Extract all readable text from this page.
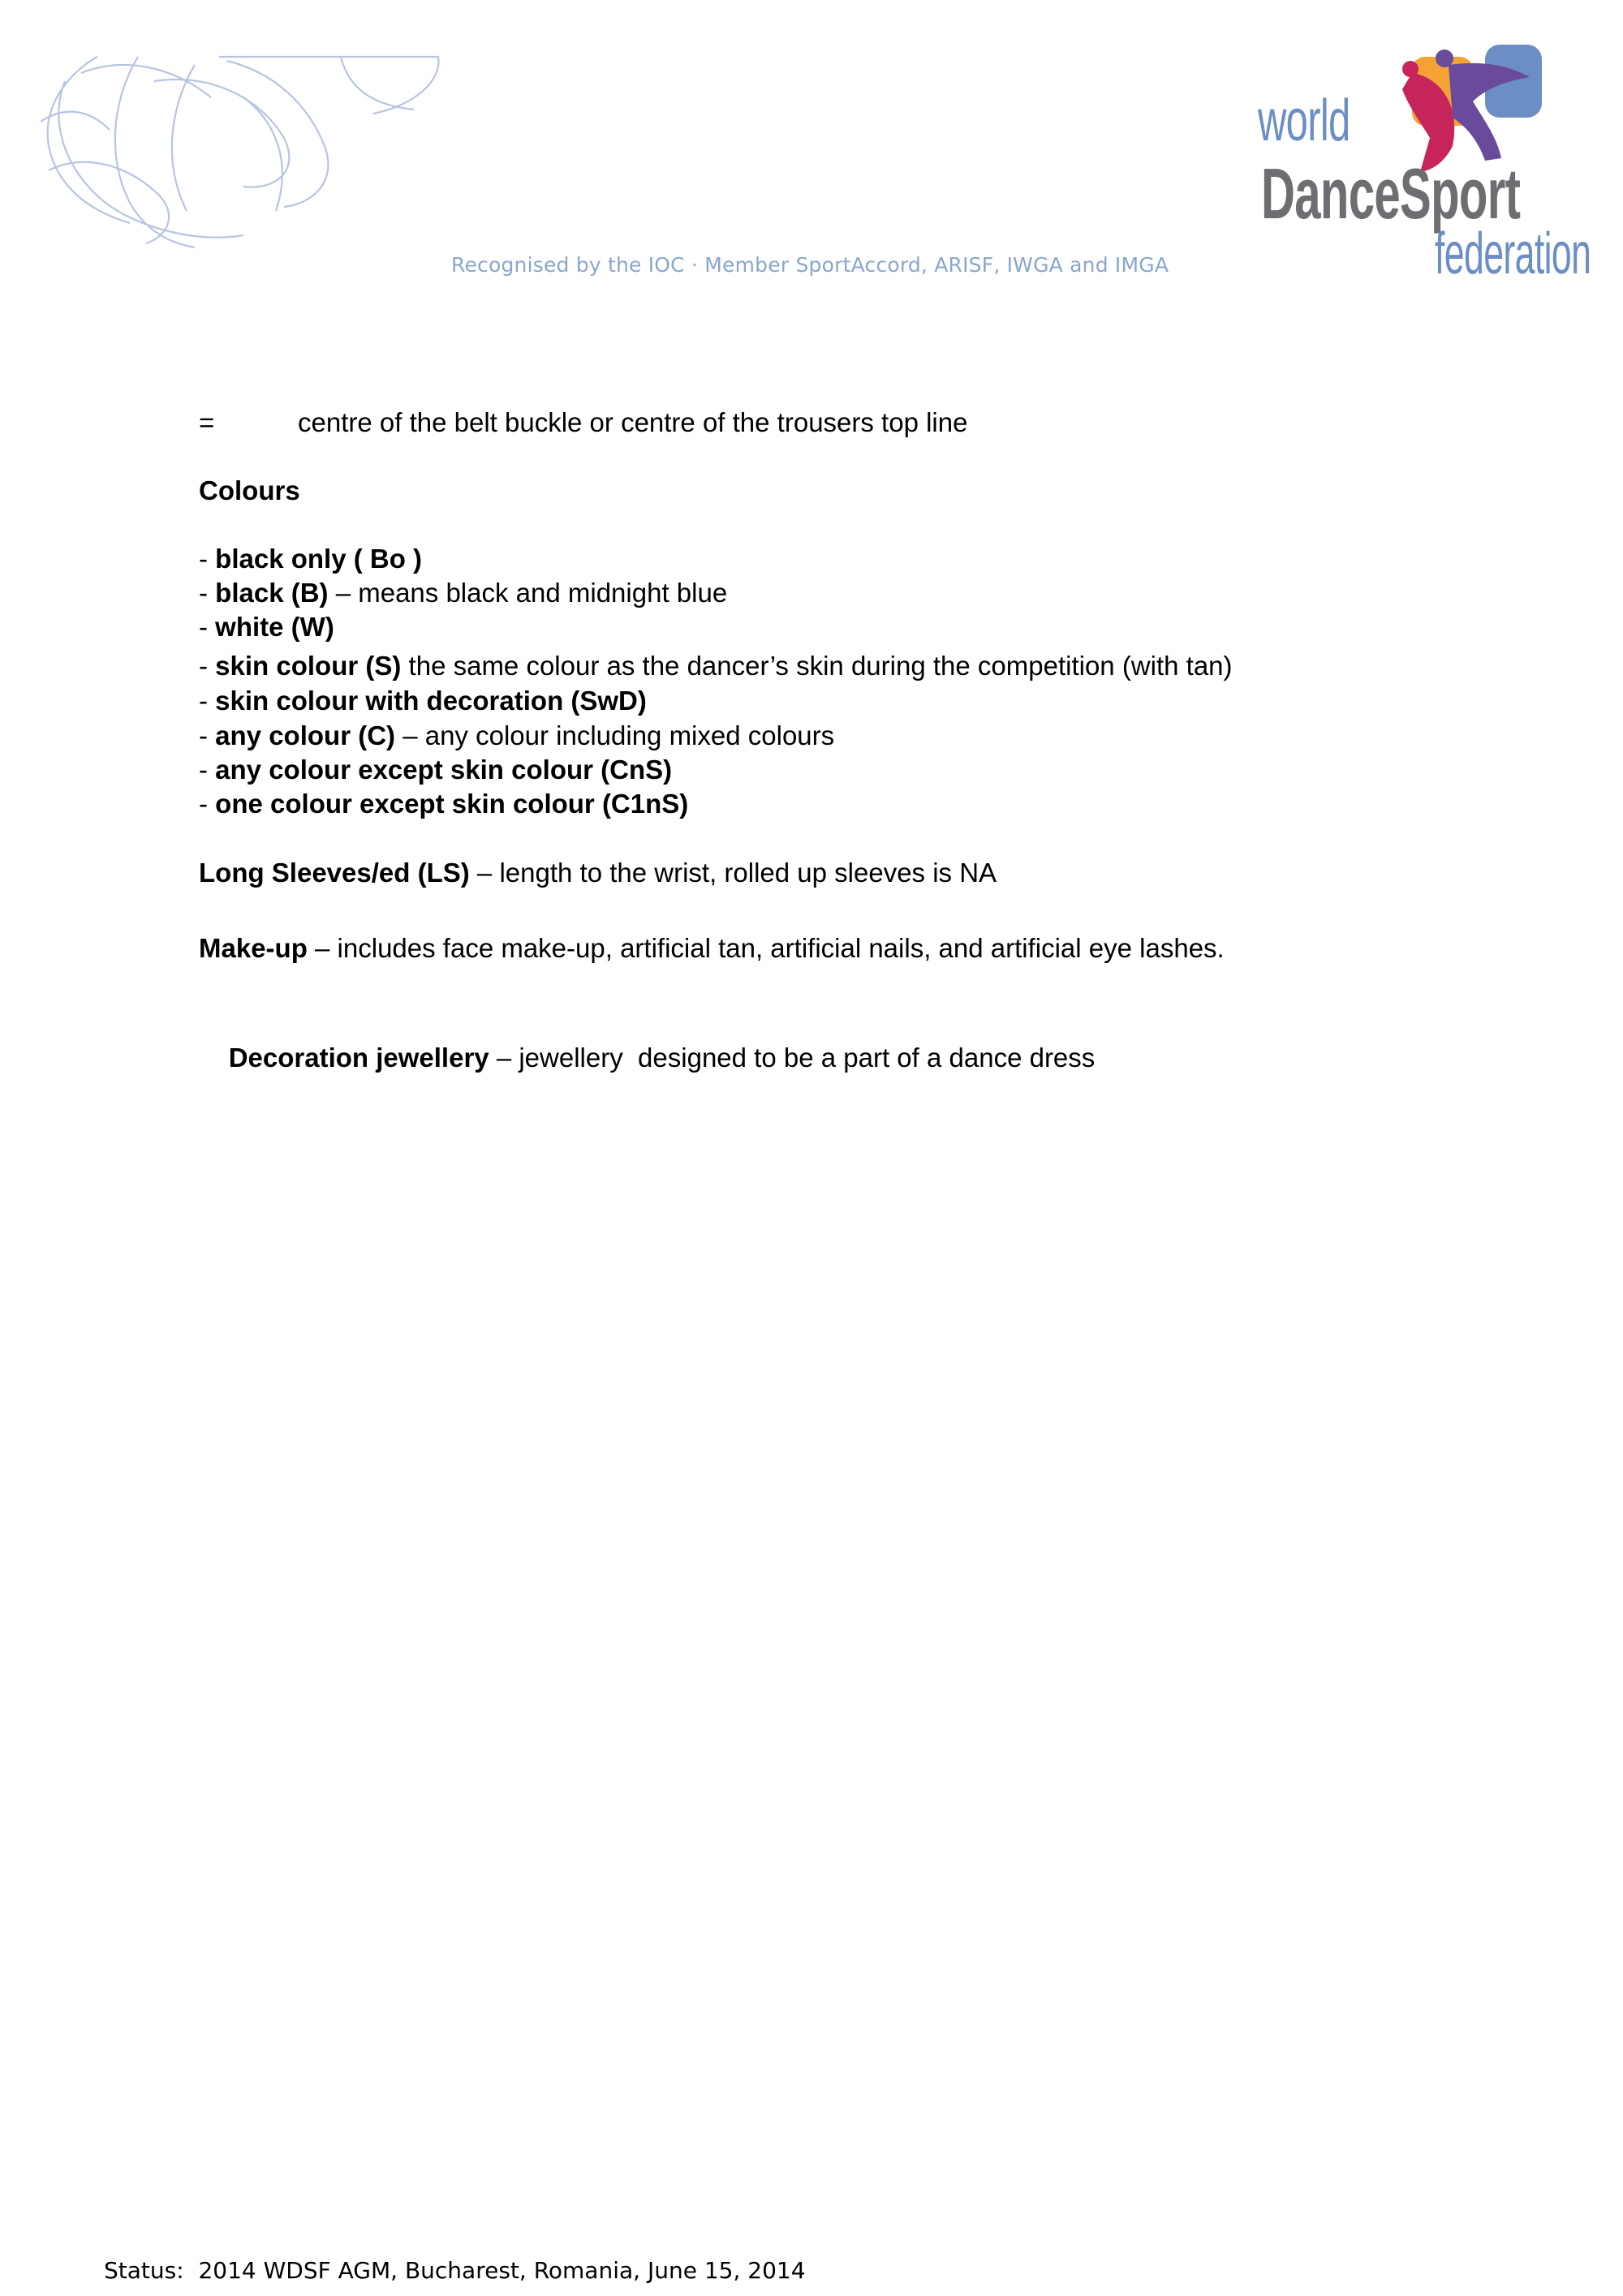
Recognised by the IOC · Member SportAccord, ARISF, IWGA and IMGA
world
DanceSport
federation
=	centre of the belt buckle or centre of the trousers top line
Colours
- black only ( Bo )
- black (B) – means black and midnight blue
- white (W)
- skin colour (S) the same colour as the dancer’s skin during the competition (with tan)
- skin colour with decoration (SwD)
- any colour (C) – any colour including mixed colours
- any colour except skin colour (CnS)
- one colour except skin colour (C1nS)
Long Sleeves/ed (LS) – length to the wrist, rolled up sleeves is NA
Make-up – includes face make-up, artificial tan, artificial nails, and artificial eye lashes.

Decoration jewellery – jewellery  designed to be a part of a dance dress

Status:  2014 WDSF AGM, Bucharest, Romania, June 15, 2014
